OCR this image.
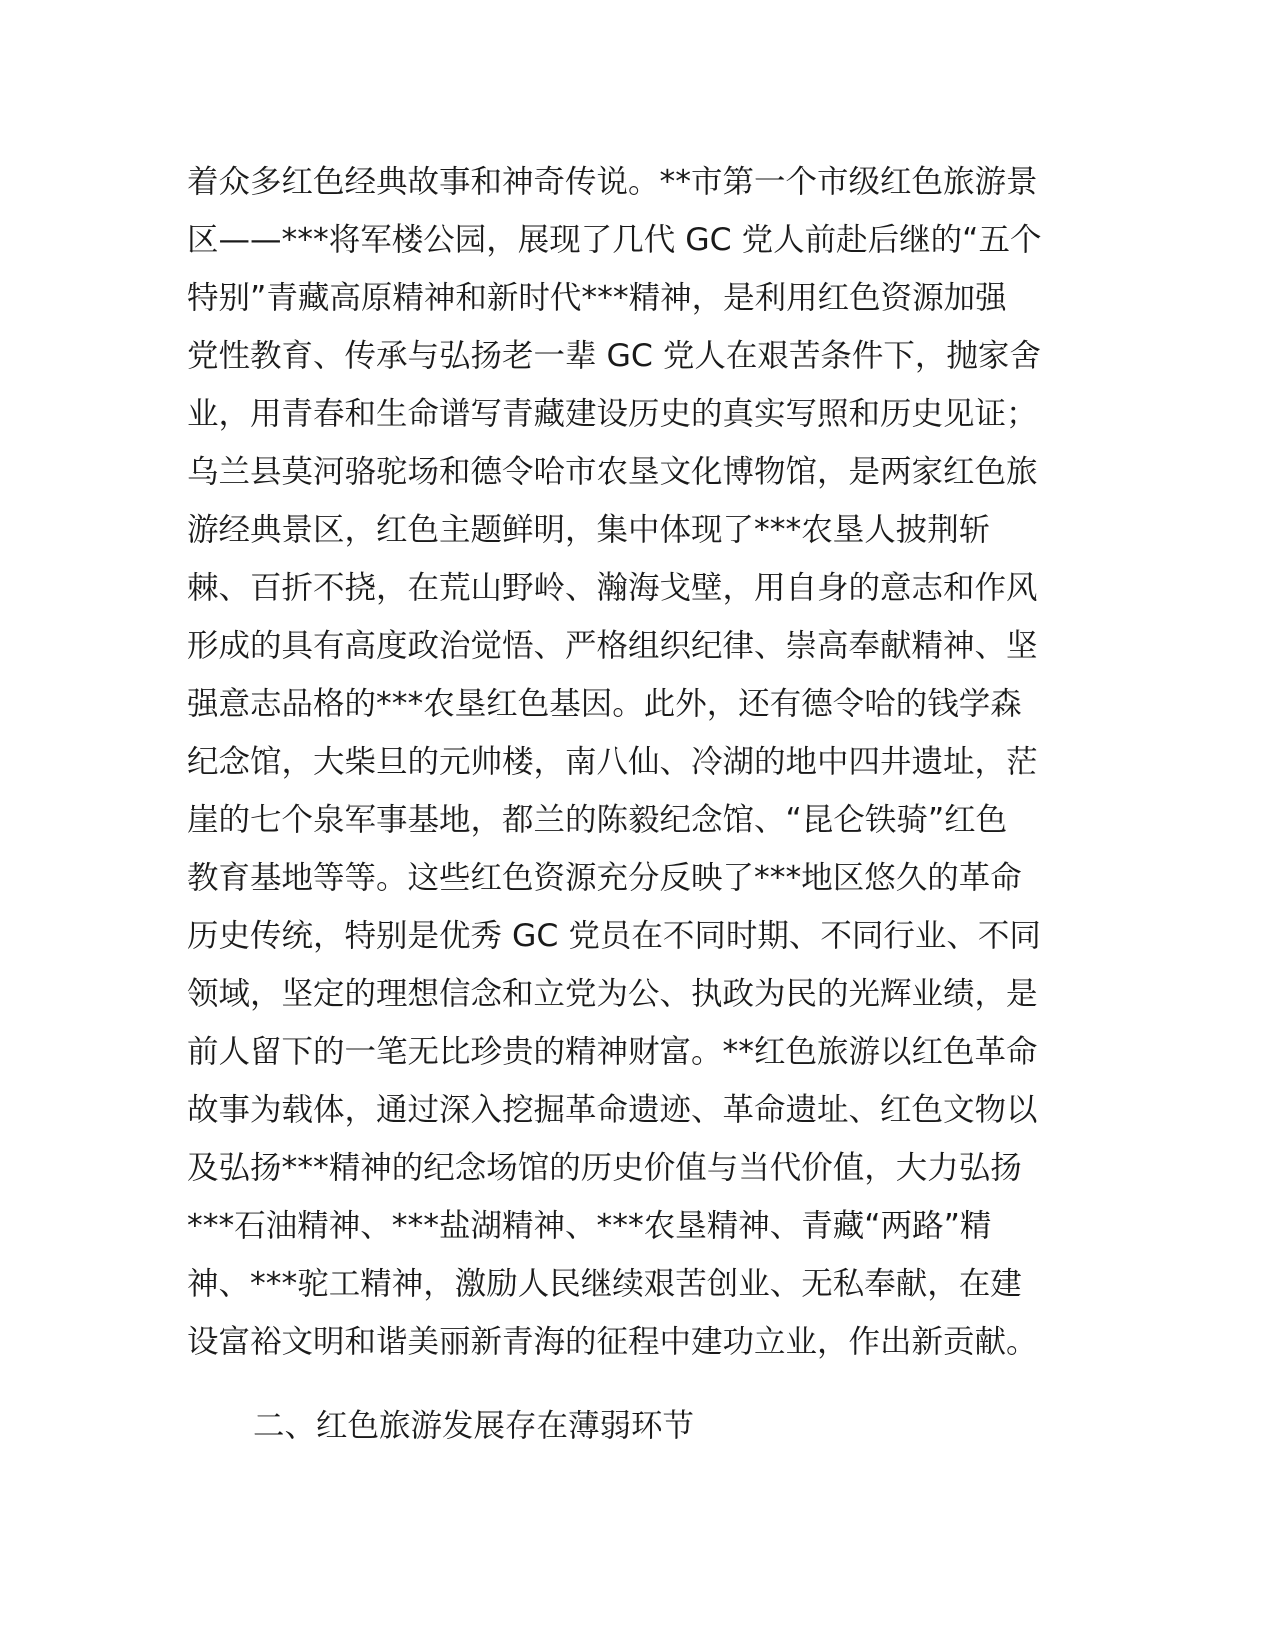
着众多红色经典故事和神奇传说。**市第一个市级红色旅游景
区——***将军楼公园，展现了几代 GC 党人前赴后继的“五个
特别”青藏高原精神和新时代***精神，是利用红色资源加强
党性教育、传承与弘扬老一辈 GC 党人在艰苦条件下，抛家舍
业，用青春和生命谱写青藏建设历史的真实写照和历史见证；
乌兰县莫河骆驼场和德令哈市农垦文化博物馆，是两家红色旅
游经典景区，红色主题鲜明，集中体现了***农垦人披荆斩
棘、百折不挠，在荒山野岭、瀚海戈壁，用自身的意志和作风
形成的具有高度政治觉悟、严格组织纪律、崇高奉献精神、坚
强意志品格的***农垦红色基因。此外，还有德令哈的钱学森
纪念馆，大柴旦的元帅楼，南八仙、冷湖的地中四井遗址，茫
崖的七个泉军事基地，都兰的陈毅纪念馆、“昆仑铁骑”红色
教育基地等等。这些红色资源充分反映了***地区悠久的革命
历史传统，特别是优秀 GC 党员在不同时期、不同行业、不同
领域，坚定的理想信念和立党为公、执政为民的光辉业绩，是
前人留下的一笔无比珍贵的精神财富。**红色旅游以红色革命
故事为载体，通过深入挖掘革命遗迹、革命遗址、红色文物以
及弘扬***精神的纪念场馆的历史价值与当代价值，大力弘扬
***石油精神、***盐湖精神、***农垦精神、青藏“两路”精
神、***驼工精神，激励人民继续艰苦创业、无私奉献，在建
设富裕文明和谐美丽新青海的征程中建功立业，作出新贡献。
二、红色旅游发展存在薄弱环节
